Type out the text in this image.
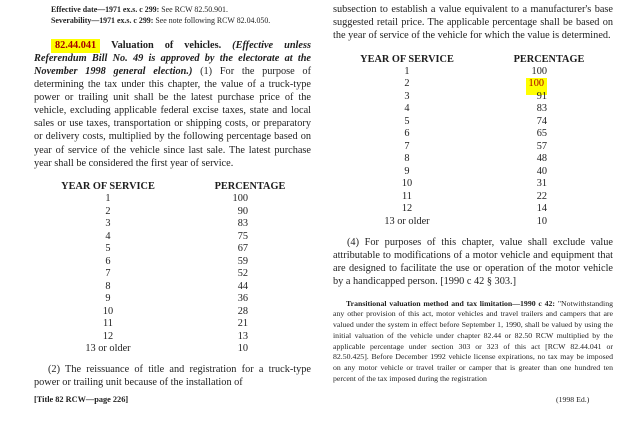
Effective date—1971 ex.s. c 299: See RCW 82.50.901.
Severability—1971 ex.s. c 299: See note following RCW 82.04.050.

82.44.041 Valuation of vehicles. (Effective unless Referendum Bill No. 49 is approved by the electorate at the November 1998 general election.) (1) For the purpose of determining the tax under this chapter, the value of a truck-type power or trailing unit shall be the latest purchase price of the vehicle, excluding applicable federal excise taxes, state and local sales or use taxes, transportation or shipping costs, or preparatory or delivery costs, multiplied by the following percentage based on year of service of the vehicle since last sale. The latest purchase year shall be considered the first year of service.

YEAR OF SERVICE	PERCENTAGE
1	100
2	90
3	83
4	75
5	67
6	59
7	52
8	44
9	36
10	28
11	21
12	13
13 or older	10

(2) The reissuance of title and registration for a truck-type power or trailing unit because of the installation of

subsection to establish a value equivalent to a manufacturer's base suggested retail price. The applicable percentage shall be based on the year of service of the vehicle for which the value is determined.

YEAR OF SERVICE	PERCENTAGE
1	100
2	100
3	91
4	83
5	74
6	65
7	57
8	48
9	40
10	31
11	22
12	14
13 or older	10

(4) For purposes of this chapter, value shall exclude value attributable to modifications of a motor vehicle and equipment that are designed to facilitate the use or operation of the motor vehicle by a handicapped person. [1990 c 42 § 303.]

Transitional valuation method and tax limitation—1990 c 42: "Notwithstanding any other provision of this act, motor vehicles and travel trailers and campers that are valued under the system in effect before September 1, 1990, shall be valued by using the initial valuation of the vehicle under chapter 82.44 or 82.50 RCW multiplied by the applicable percentage under section 303 or 323 of this act [RCW 82.44.041 or 82.50.425]. Before December 1992 vehicle license expirations, no tax may be imposed on any motor vehicle or travel trailer or camper that is greater than one hundred ten percent of the tax imposed during the registration

[Title 82 RCW—page 226]	(1998 Ed.)
